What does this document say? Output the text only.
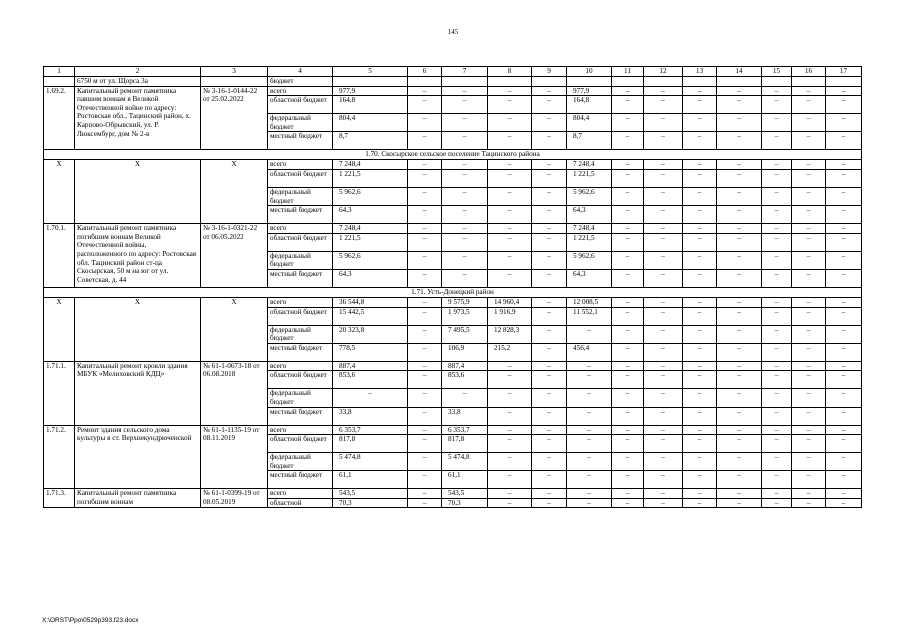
145
1	2	3	4	5	6	7	8	9	10	11	12	13	14	15	16	17
	6750 м от ул. Щорса 3а		бюджет													
1.69.2.	Капитальный ремонт памятника павшим воинам в Великой Отечественной войне по адресу: Ростовская обл., Тацинский район, х. Карпово-Обрывский, ул. Р. Люксембург, дом № 2-в	№ 3-16-1-0144-22 от 25.02.2022	всего	977,9	–	–	–	–	977,9	–	–	–	–	–	–	–
			областной бюджет	164,8	–	–	–	–	164,8	–	–	–	–	–	–	–
			федеральный бюджет	804,4	–	–	–	–	804,4	–	–	–	–	–	–	–
			местный бюджет	8,7	–	–	–	–	8,7	–	–	–	–	–	–	–
1.70. Скосырское сельское поселение Тацинского района																
X	X	X	всего	7 248,4	–	–	–	–	7 248,4	–	–	–	–	–	–	–
			областной бюджет	1 221,5	–	–	–	–	1 221,5	–	–	–	–	–	–	–
			федеральный бюджет	5 962,6	–	–	–	–	5 962,6	–	–	–	–	–	–	–
			местный бюджет	64,3	–	–	–	–	64,3	–	–	–	–	–	–	–
1.70.1.	Капитальный ремонт памятника погибшим воинам Великой Отечественной войны, расположенного по адресу: Ростовская обл. Тацинский район ст-ца Скосырская, 50 м на юг от ул. Советская, д. 44	№ 3-16-1-0321-22 от 06.05.2022	всего	7 248,4	–	–	–	–	7 248,4	–	–	–	–	–	–	–
			областной бюджет	1 221,5	–	–	–	–	1 221,5	–	–	–	–	–	–	–
			федеральный бюджет	5 962,6	–	–	–	–	5 962,6	–	–	–	–	–	–	–
			местный бюджет	64,3	–	–	–	–	64,3	–	–	–	–	–	–	–
1.71. Усть-Донецкий район																
X	X	X	всего	36 544,8	–	9 575,9	14 960,4	–	12 008,5	–	–	–	–	–	–	–
			областной бюджет	15 442,5	–	1 973,5	1 916,9	–	11 552,1	–	–	–	–	–	–	–
			федеральный бюджет	20 323,8	–	7 495,5	12 828,3	–	–	–	–	–	–	–	–	–
			местный бюджет	778,5	–	106,9	215,2	–	456,4	–	–	–	–	–	–	–
1.71.1.	Капитальный ремонт кровли здания МБУК «Мелиховский КДЦ»	№ 61-1-0673-18 от 06.08.2018	всего	887,4	–	887,4	–	–	–	–	–	–	–	–	–	–
			областной бюджет	853,6	–	853,6	–	–	–	–	–	–	–	–	–	–
			федеральный бюджет	–	–	–	–	–	–	–	–	–	–	–	–	–
			местный бюджет	33,8	–	33,8	–	–	–	–	–	–	–	–	–	–
1.71.2.	Ремонт здания сельского дома культуры в ст. Верхнекундрюченской	№ 61-1-1135-19 от 08.11.2019	всего	6 353,7	–	6 353,7	–	–	–	–	–	–	–	–	–	–
			областной бюджет	817,8	–	817,8	–	–	–	–	–	–	–	–	–	–
			федеральный бюджет	5 474,8	–	5 474,8	–	–	–	–	–	–	–	–	–	–
			местный бюджет	61,1	–	61,1	–	–	–	–	–	–	–	–	–	–
1.71.3.	Капитальный ремонт памятника погибшим воинам	№ 61-1-0399-19 от 08.05.2019	всего	543,5	–	543,5	–	–	–	–	–	–	–	–	–	–
			областной	70,3	–	70,3	–	–	–	–	–	–	–	–	–	–
X:\ORST\Ppo\0529p393.f23.docx
